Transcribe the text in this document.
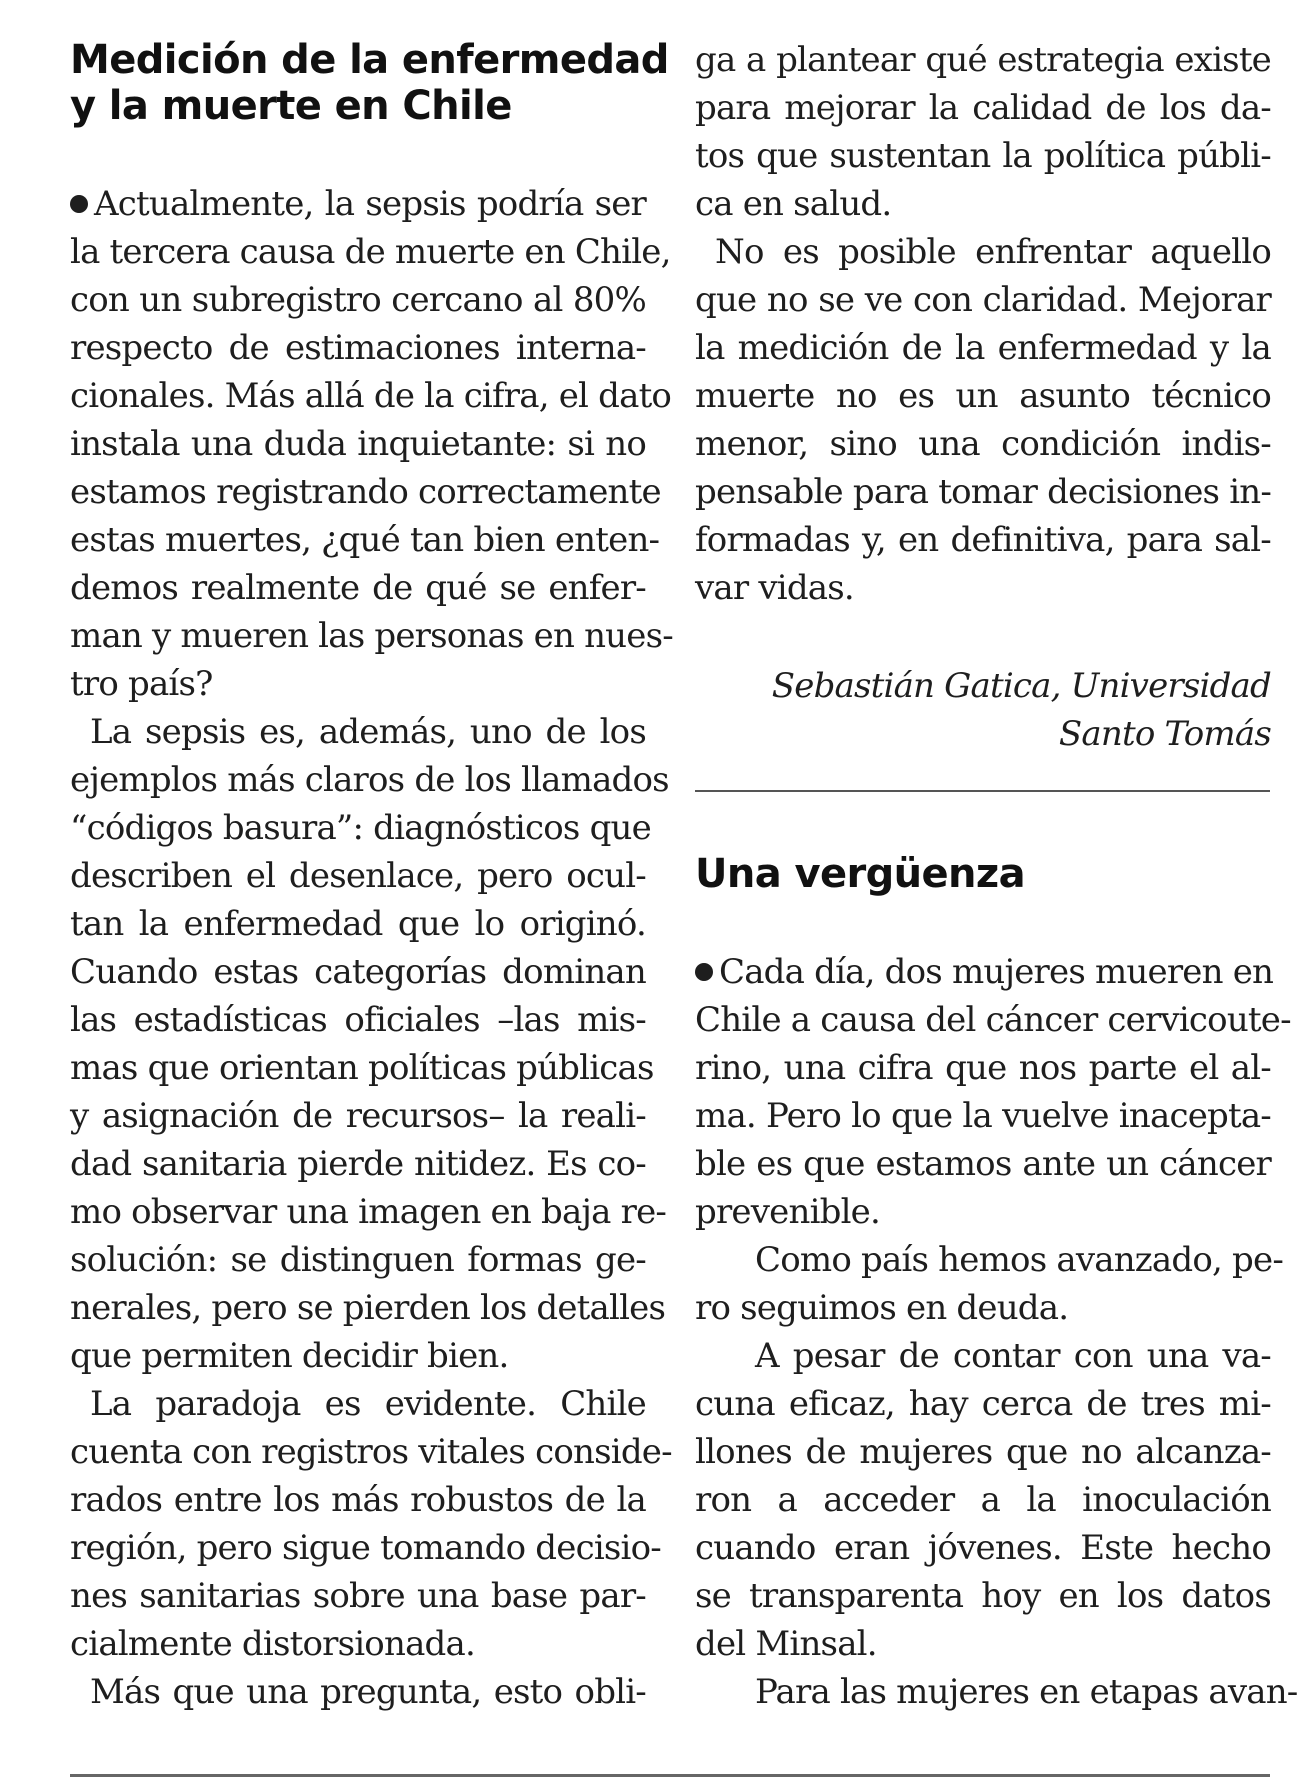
Medición de la enfermedad
y la muerte en Chile
Actualmente, la sepsis podría ser
la tercera causa de muerte en Chile,
con un subregistro cercano al 80%
respecto de estimaciones interna-
cionales. Más allá de la cifra, el dato
instala una duda inquietante: si no
estamos registrando correctamente
estas muertes, ¿qué tan bien enten-
demos realmente de qué se enfer-
man y mueren las personas en nues-
tro país?
La sepsis es, además, uno de los
ejemplos más claros de los llamados
“códigos basura”: diagnósticos que
describen el desenlace, pero ocul-
tan la enfermedad que lo originó.
Cuando estas categorías dominan
las estadísticas oficiales –las mis-
mas que orientan políticas públicas
y asignación de recursos– la reali-
dad sanitaria pierde nitidez. Es co-
mo observar una imagen en baja re-
solución: se distinguen formas ge-
nerales, pero se pierden los detalles
que permiten decidir bien.
La paradoja es evidente. Chile
cuenta con registros vitales conside-
rados entre los más robustos de la
región, pero sigue tomando decisio-
nes sanitarias sobre una base par-
cialmente distorsionada.
Más que una pregunta, esto obli-
ga a plantear qué estrategia existe
para mejorar la calidad de los da-
tos que sustentan la política públi-
ca en salud.
No es posible enfrentar aquello
que no se ve con claridad. Mejorar
la medición de la enfermedad y la
muerte no es un asunto técnico
menor, sino una condición indis-
pensable para tomar decisiones in-
formadas y, en definitiva, para sal-
var vidas.
Sebastián Gatica, Universidad
Santo Tomás
Una vergüenza
Cada día, dos mujeres mueren en
Chile a causa del cáncer cervicoute-
rino, una cifra que nos parte el al-
ma. Pero lo que la vuelve inacepta-
ble es que estamos ante un cáncer
prevenible.
Como país hemos avanzado, pe-
ro seguimos en deuda.
A pesar de contar con una va-
cuna eficaz, hay cerca de tres mi-
llones de mujeres que no alcanza-
ron a acceder a la inoculación
cuando eran jóvenes. Este hecho
se transparenta hoy en los datos
del Minsal.
Para las mujeres en etapas avan-
